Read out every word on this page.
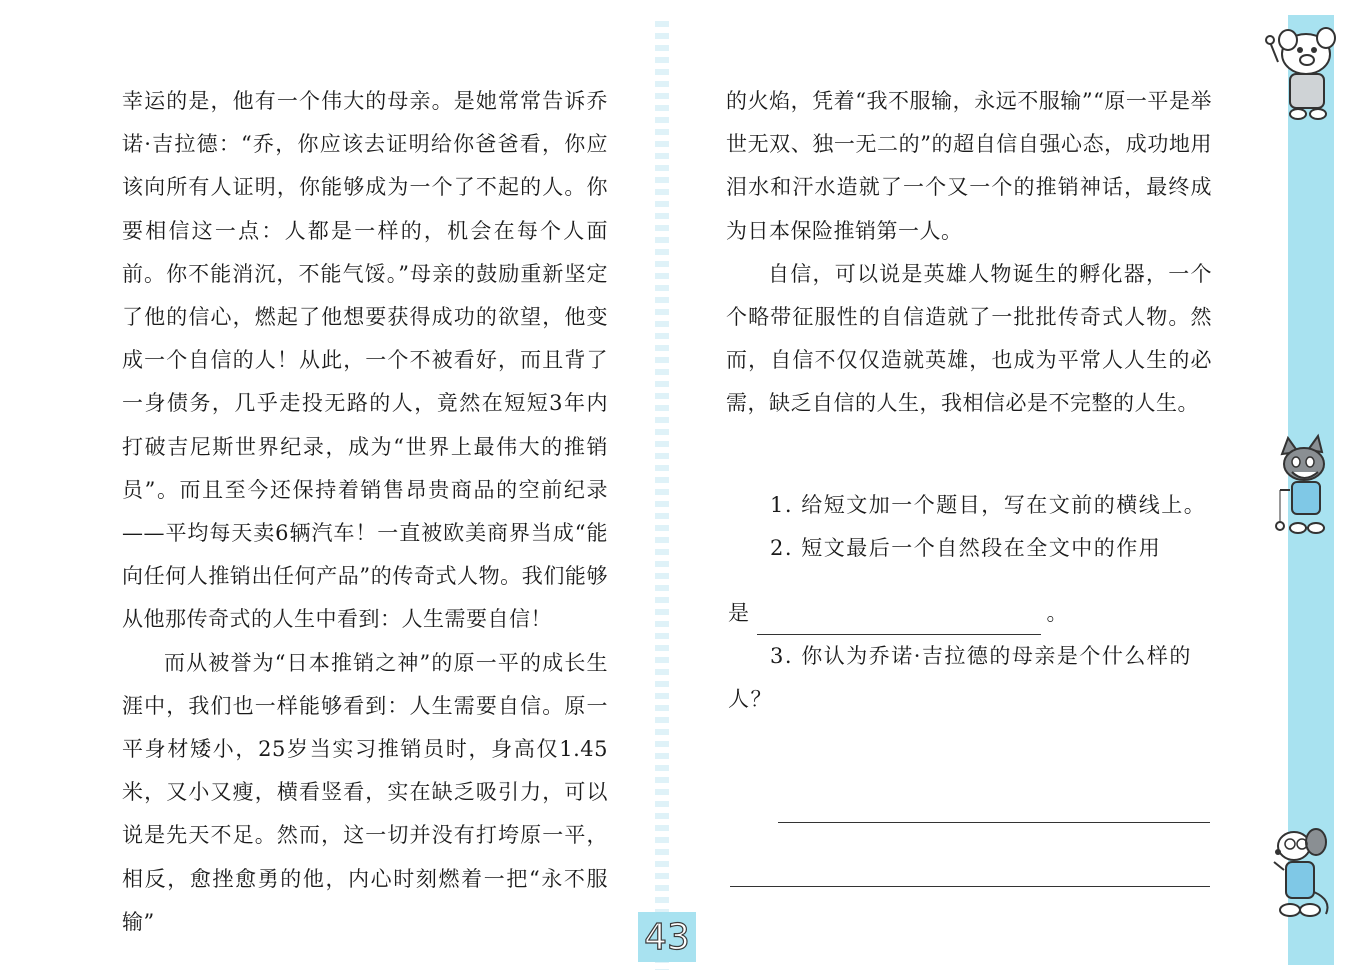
幸运的是，他有一个伟大的母亲。是她常常告诉乔诺·吉拉德：“乔，你应该去证明给你爸爸看，你应该向所有人证明，你能够成为一个了不起的人。你要相信这一点：人都是一样的，机会在每个人面前。你不能消沉，不能气馁。”母亲的鼓励重新坚定了他的信心，燃起了他想要获得成功的欲望，他变成一个自信的人！从此，一个不被看好，而且背了一身债务，几乎走投无路的人，竟然在短短3年内打破吉尼斯世界纪录，成为“世界上最伟大的推销员”。而且至今还保持着销售昂贵商品的空前纪录——平均每天卖6辆汽车！一直被欧美商界当成“能向任何人推销出任何产品”的传奇式人物。我们能够从他那传奇式的人生中看到：人生需要自信！

而从被誉为“日本推销之神”的原一平的成长生涯中，我们也一样能够看到：人生需要自信。原一平身材矮小，25岁当实习推销员时，身高仅1.45米，又小又瘦，横看竖看，实在缺乏吸引力，可以说是先天不足。然而，这一切并没有打垮原一平，相反，愈挫愈勇的他，内心时刻燃着一把“永不服输”

的火焰，凭着“我不服输，永远不服输”“原一平是举世无双、独一无二的”的超自信自强心态，成功地用泪水和汗水造就了一个又一个的推销神话，最终成为日本保险推销第一人。

自信，可以说是英雄人物诞生的孵化器，一个个略带征服性的自信造就了一批批传奇式人物。然而，自信不仅仅造就英雄，也成为平常人人生的必需，缺乏自信的人生，我相信必是不完整的人生。

1. 给短文加一个题目，写在文前的横线上。

2. 短文最后一个自然段在全文中的作用

是	。

3. 你认为乔诺·吉拉德的母亲是个什么样的人？

43
